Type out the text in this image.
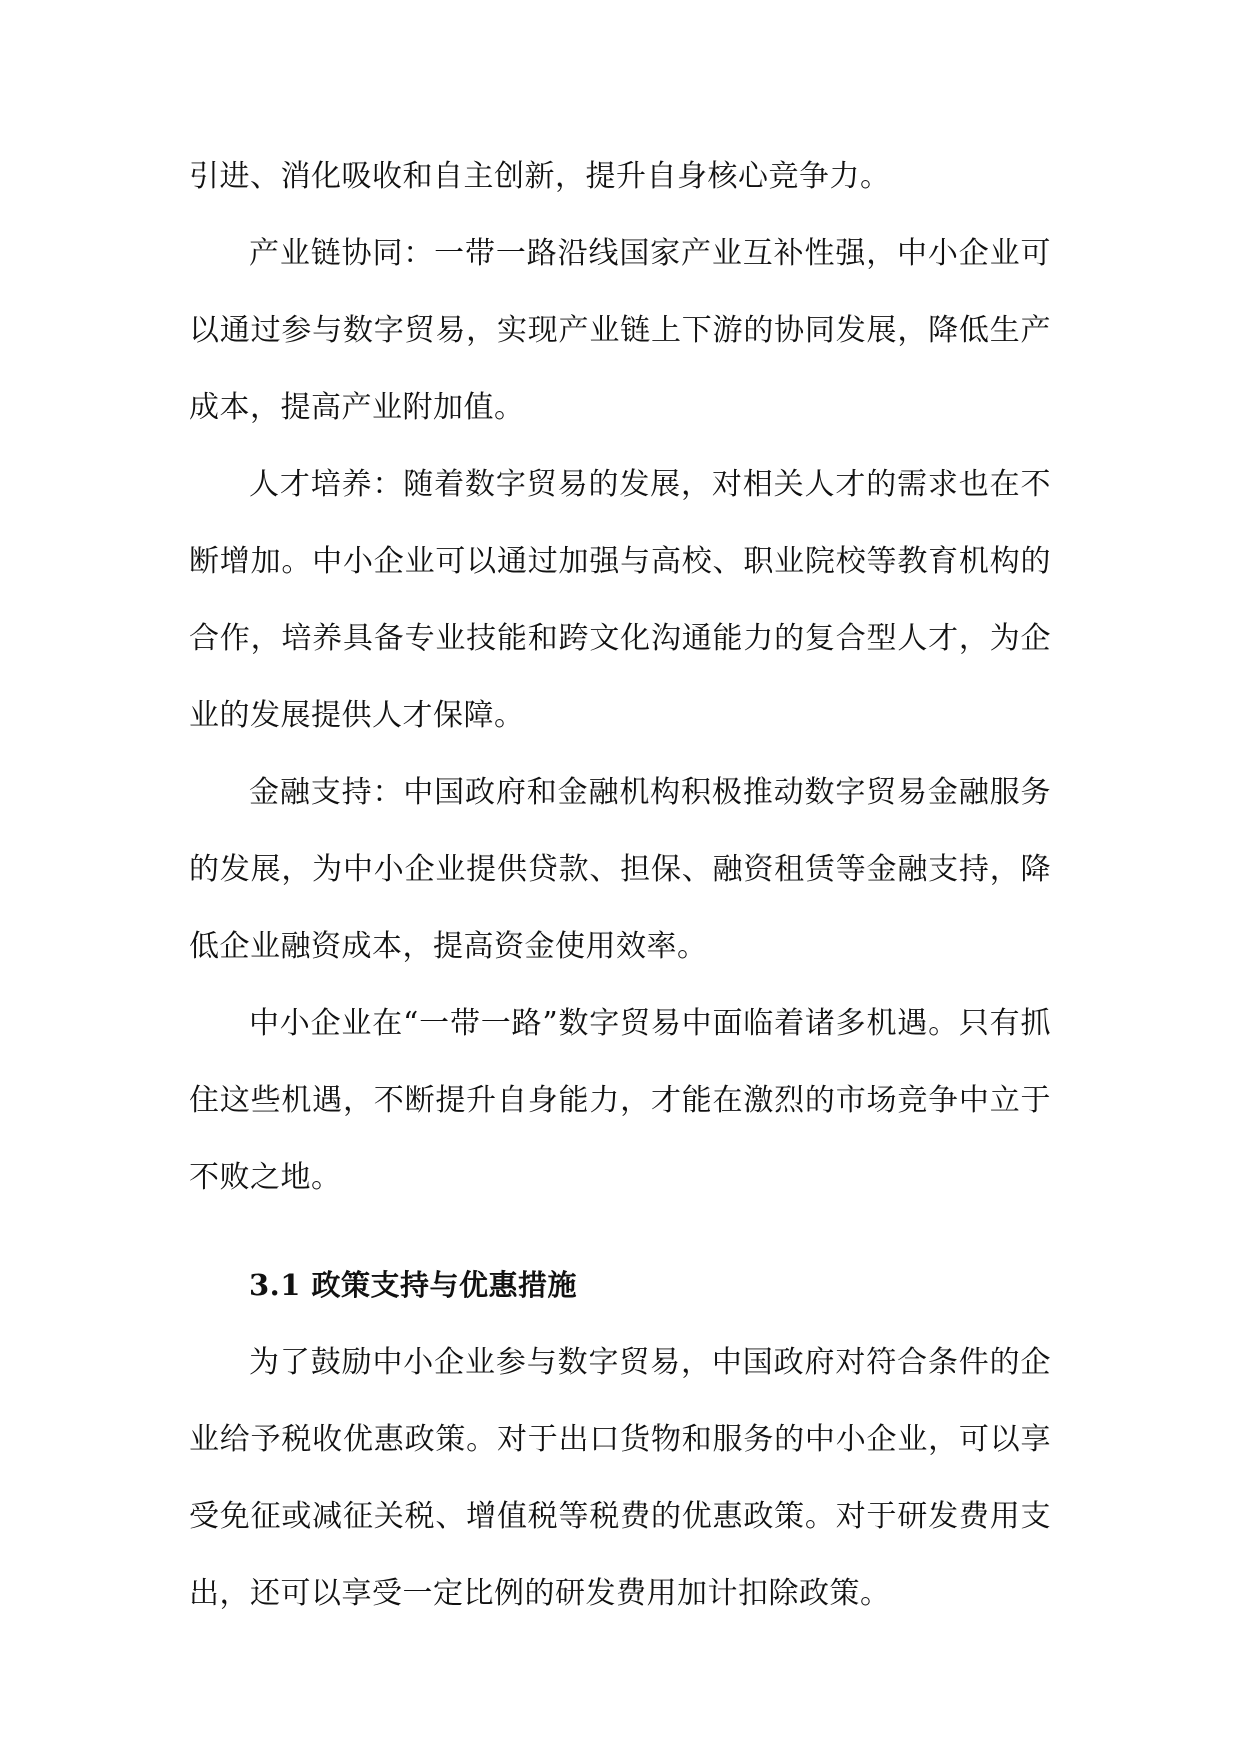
引进、消化吸收和自主创新，提升自身核心竞争力。

产业链协同：一带一路沿线国家产业互补性强，中小企业可以通过参与数字贸易，实现产业链上下游的协同发展，降低生产成本，提高产业附加值。

人才培养：随着数字贸易的发展，对相关人才的需求也在不断增加。中小企业可以通过加强与高校、职业院校等教育机构的合作，培养具备专业技能和跨文化沟通能力的复合型人才，为企业的发展提供人才保障。

金融支持：中国政府和金融机构积极推动数字贸易金融服务的发展，为中小企业提供贷款、担保、融资租赁等金融支持，降低企业融资成本，提高资金使用效率。

中小企业在“一带一路”数字贸易中面临着诸多机遇。只有抓住这些机遇，不断提升自身能力，才能在激烈的市场竞争中立于不败之地。

3.1 政策支持与优惠措施

为了鼓励中小企业参与数字贸易，中国政府对符合条件的企业给予税收优惠政策。对于出口货物和服务的中小企业，可以享受免征或减征关税、增值税等税费的优惠政策。对于研发费用支出，还可以享受一定比例的研发费用加计扣除政策。
